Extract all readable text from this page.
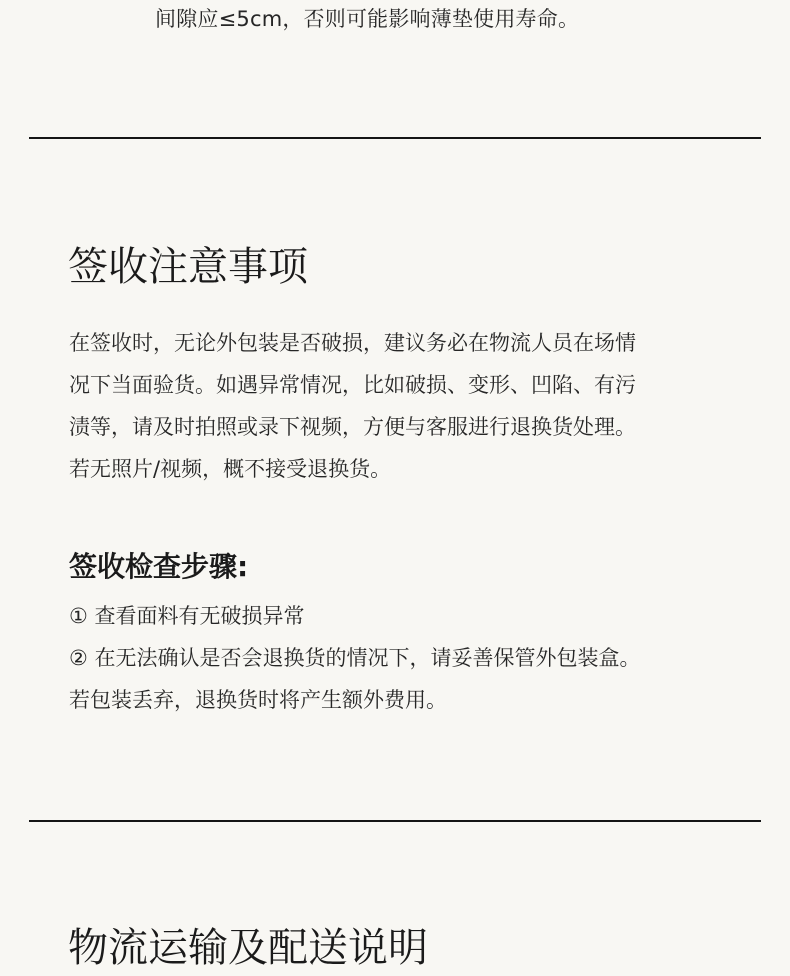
间隙应≤5cm，否则可能影响薄垫使用寿命。
签收注意事项
在签收时，无论外包装是否破损，建议务必在物流人员在场情
况下当面验货。如遇异常情况，比如破损、变形、凹陷、有污
渍等，请及时拍照或录下视频，方便与客服进行退换货处理。
若无照片/视频，概不接受退换货。
签收检查步骤:
① 查看面料有无破损异常
② 在无法确认是否会退换货的情况下，请妥善保管外包装盒。
若包装丢弃，退换货时将产生额外费用。
物流运输及配送说明
